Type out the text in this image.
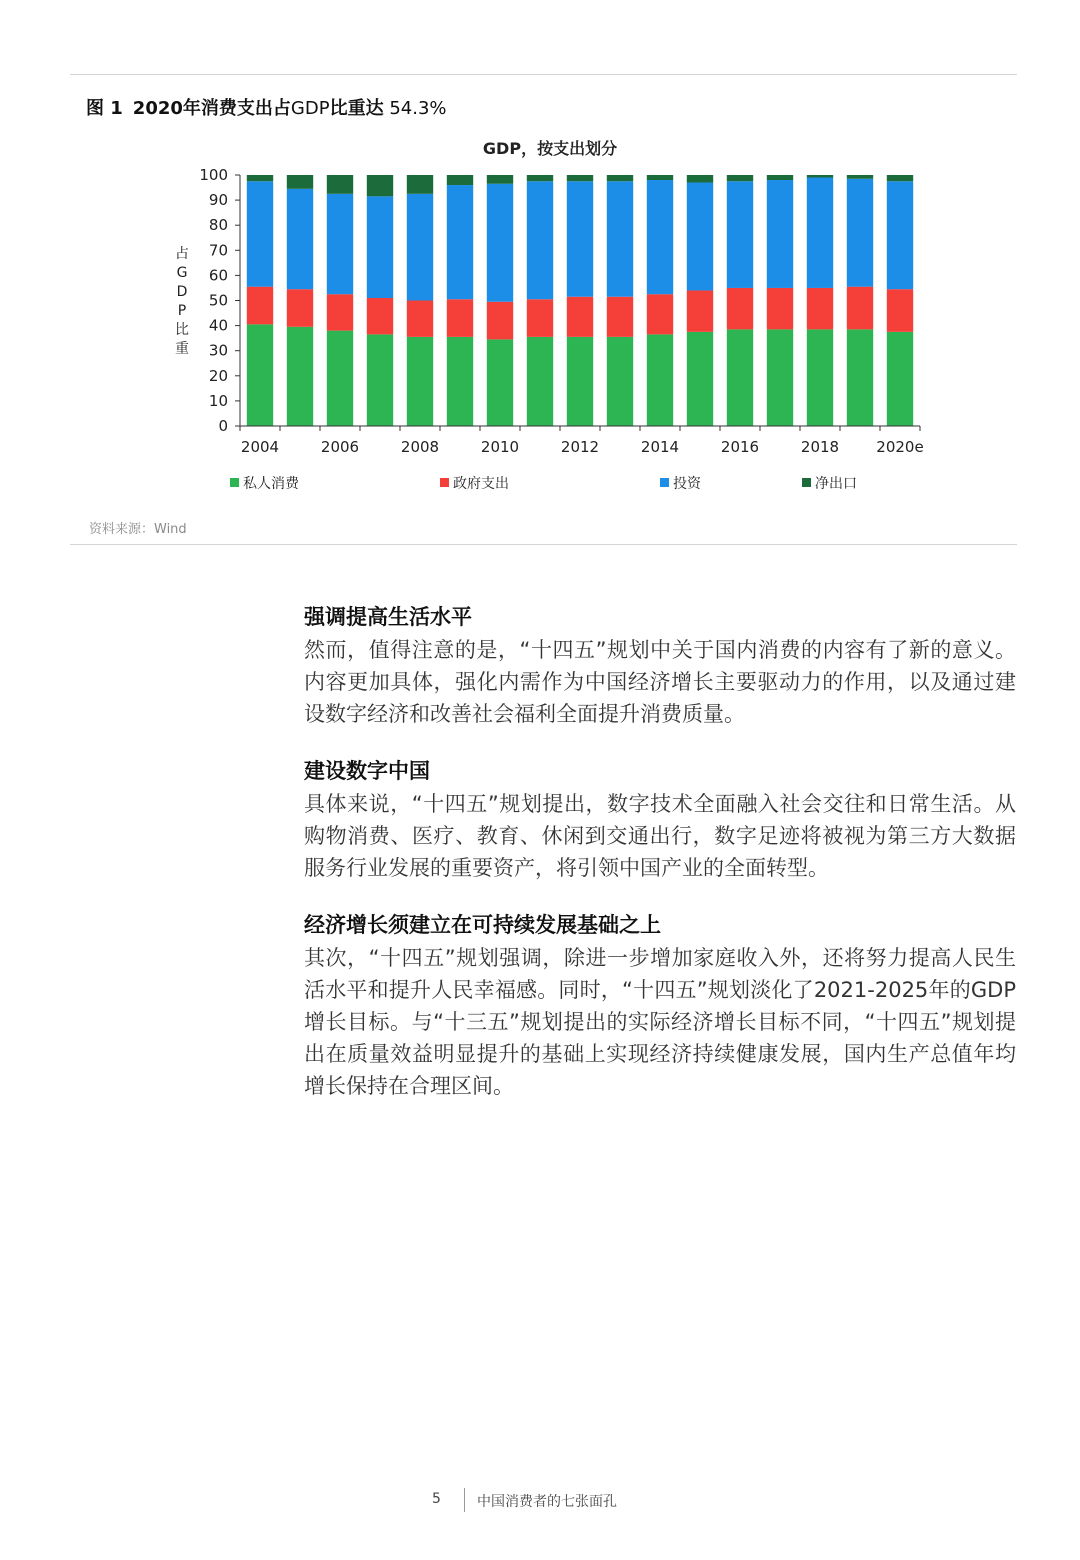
图 1 2020年消费支出占GDP比重达 54.3%
GDP，按支出划分
占
G
D
P
比
重
0
10
20
30
40
50
60
70
80
90
100
2004	2006	2008	2010	2012	2014	2016	2018 2020e
私人消费	政府支出	投资	净出口
资料来源：Wind

强调提高生活水平

然而，值得注意的是，“十四五”规划中关于国内消费的内容有了新的意义。内容更加具体，强化内需作为中国经济增长主要驱动力的作用，以及通过建设数字经济和改善社会福利全面提升消费质量。

建设数字中国

具体来说，“十四五”规划提出，数字技术全面融入社会交往和日常生活。从购物消费、医疗、教育、休闲到交通出行，数字足迹将被视为第三方大数据服务行业发展的重要资产，将引领中国产业的全面转型。

经济增长须建立在可持续发展基础之上

其次，“十四五”规划强调，除进一步增加家庭收入外，还将努力提高人民生活水平和提升人民幸福感。同时，“十四五”规划淡化了2021-2025年的GDP增长目标。与“十三五”规划提出的实际经济增长目标不同，“十四五”规划提出在质量效益明显提升的基础上实现经济持续健康发展，国内生产总值年均增长保持在合理区间。

5	中国消费者的七张面孔
